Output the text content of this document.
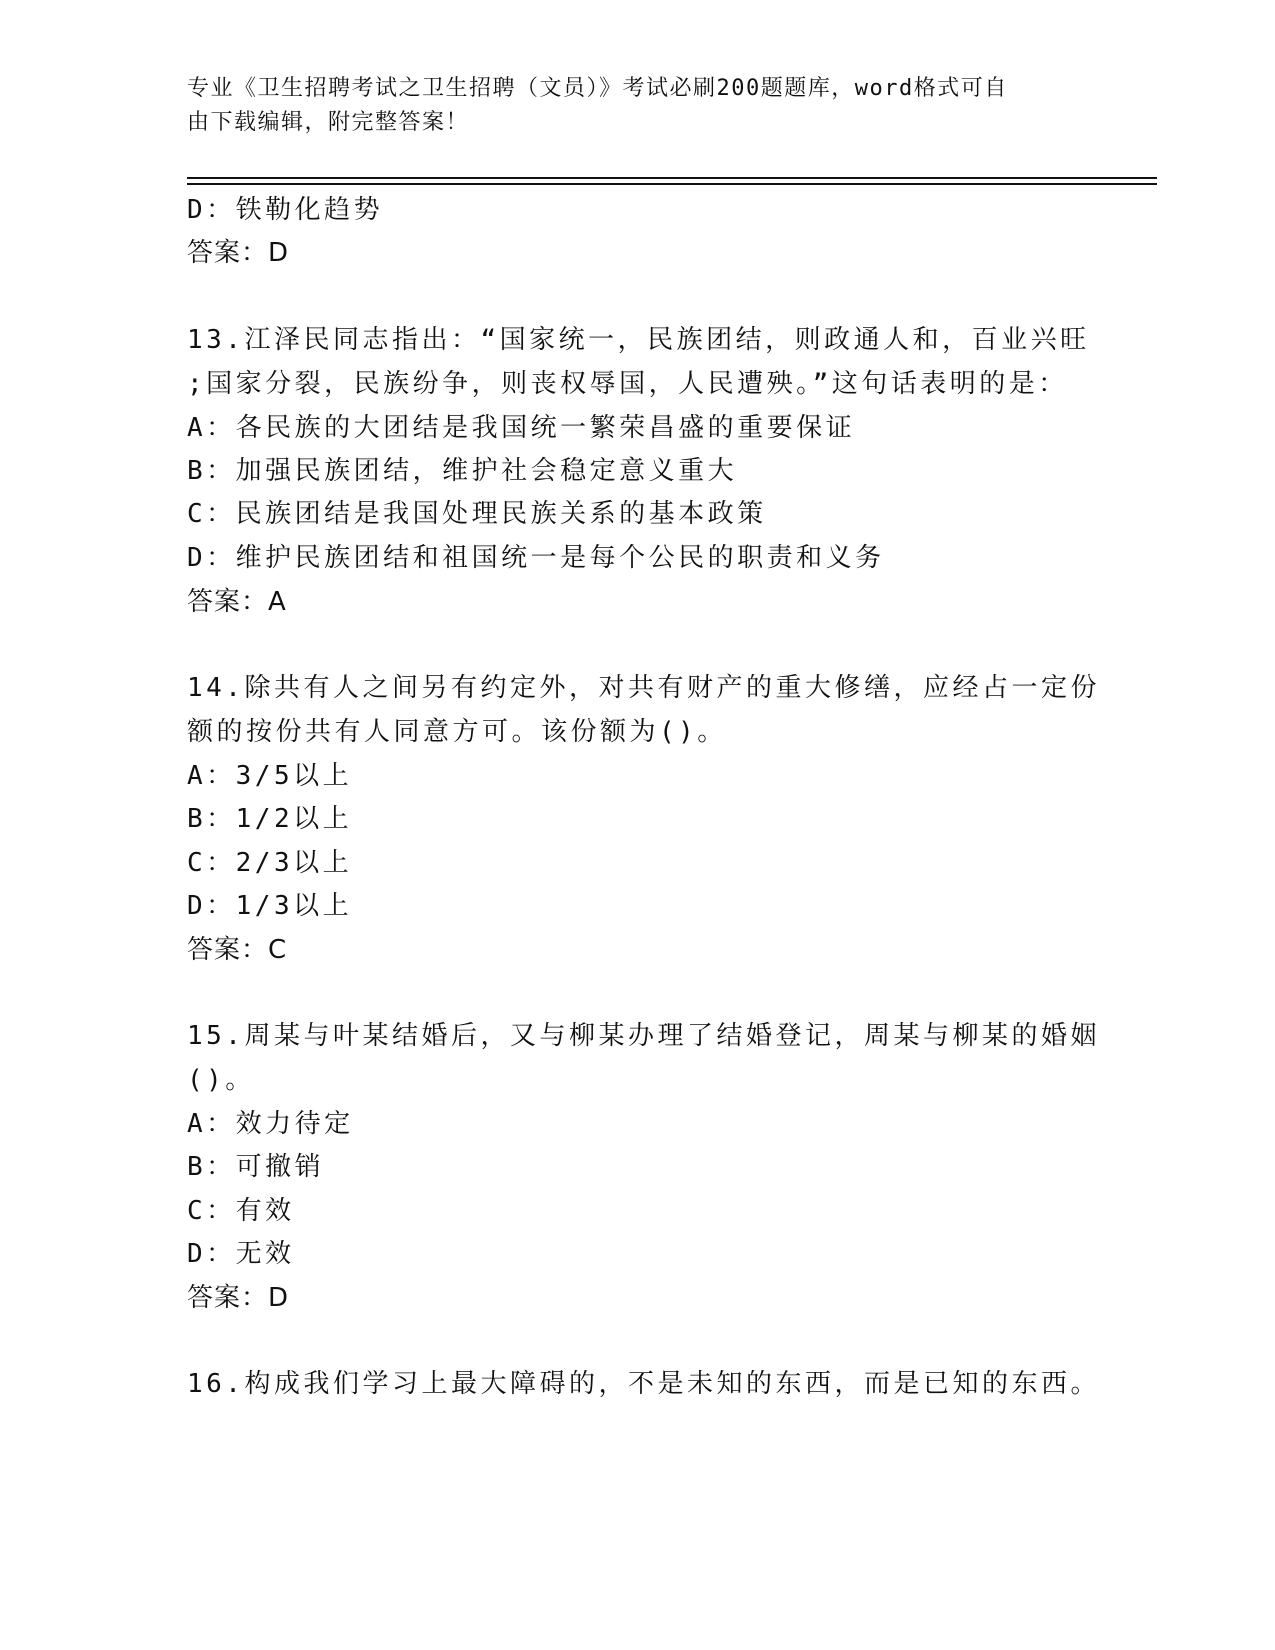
专业《卫生招聘考试之卫生招聘（文员）》考试必刷200题题库，word格式可自
由下载编辑，附完整答案！
D：铁勒化趋势
答案：D
13.江泽民同志指出：“国家统一，民族团结，则政通人和，百业兴旺
;国家分裂，民族纷争，则丧权辱国，人民遭殃。”这句话表明的是：
A：各民族的大团结是我国统一繁荣昌盛的重要保证
B：加强民族团结，维护社会稳定意义重大
C：民族团结是我国处理民族关系的基本政策
D：维护民族团结和祖国统一是每个公民的职责和义务
答案：A
14.除共有人之间另有约定外，对共有财产的重大修缮，应经占一定份
额的按份共有人同意方可。该份额为()。
A：3/5以上
B：1/2以上
C：2/3以上
D：1/3以上
答案：C
15.周某与叶某结婚后，又与柳某办理了结婚登记，周某与柳某的婚姻
()。
A：效力待定
B：可撤销
C：有效
D：无效
答案：D
16.构成我们学习上最大障碍的，不是未知的东西，而是已知的东西。
